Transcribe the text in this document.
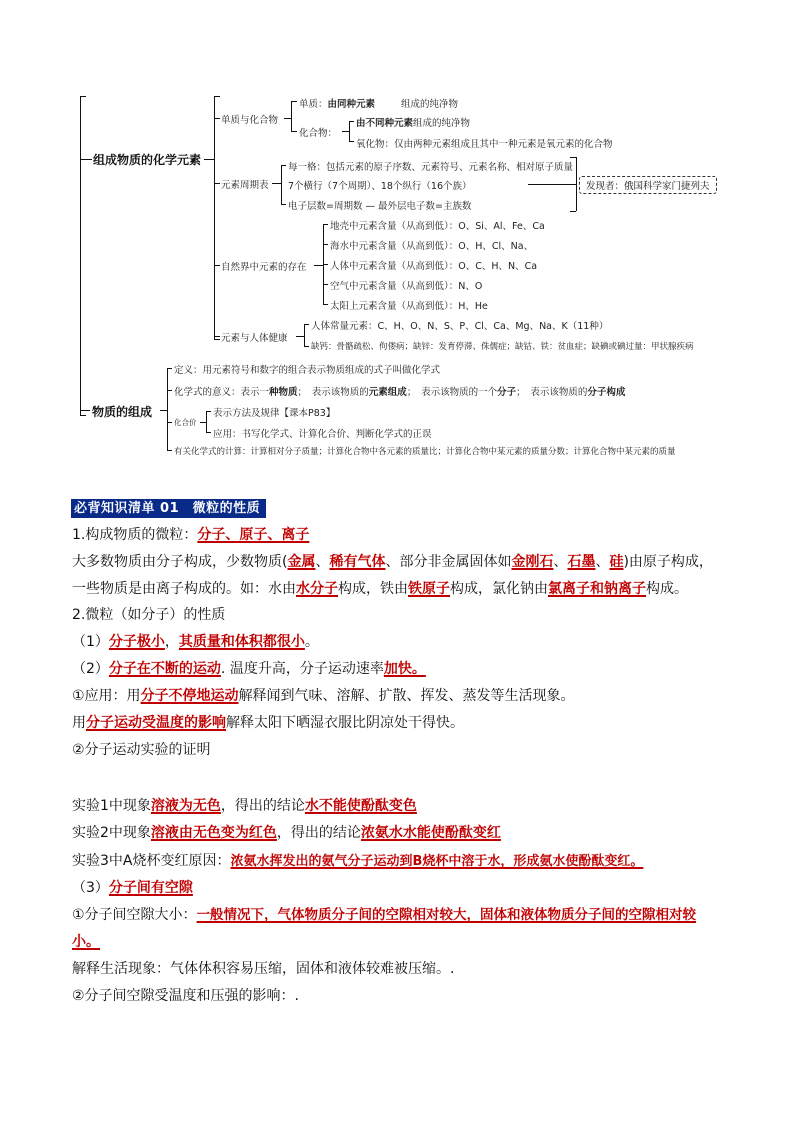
组成物质的化学元素
单质与化合物
单质：由同种元素	组成的纯净物
化合物：
由不同种元素组成的纯净物
氧化物：仅由两种元素组成且其中一种元素是氧元素的化合物
元素周期表
每一格：包括元素的原子序数、元素符号、元素名称、相对原子质量
7个横行（7个周期）、18个纵行（16个族）
电子层数=周期数 — 最外层电子数=主族数
发现者：俄国科学家门捷列夫
自然界中元素的存在
地壳中元素含量（从高到低）：O、Si、Al、Fe、Ca
海水中元素含量（从高到低）：O、H、Cl、Na、
人体中元素含量（从高到低）：O、C、H、N、Ca
空气中元素含量（从高到低）：N、O
太阳上元素含量（从高到低）：H、He
元素与人体健康
人体常量元素：C、H、O、N、S、P、Cl、Ca、Mg、Na、K（11种）
缺钙：骨骼疏松、佝偻病；缺锌：发育停滞、侏儒症；缺钴、铁：贫血症；缺碘或碘过量：甲状腺疾病
物质的组成
定义：用元素符号和数字的组合表示物质组成的式子叫做化学式
化学式的意义：表示一种物质；　表示该物质的元素组成；　表示该物质的一个分子；　表示该物质的分子构成
化合价
表示方法及规律【课本P83】
应用：书写化学式、计算化合价、判断化学式的正误
有关化学式的计算：计算相对分子质量；计算化合物中各元素的质量比；计算化合物中某元素的质量分数；计算化合物中某元素的质量
必背知识清单 01　微粒的性质
1.构成物质的微粒：分子、原子、离子
大多数物质由分子构成，少数物质(金属、稀有气体、部分非金属固体如金刚石、石墨、硅)由原子构成，
一些物质是由离子构成的。如：水由水分子构成，铁由铁原子构成，氯化钠由氯离子和钠离子构成。
2.微粒（如分子）的性质
（1）分子极小，其质量和体积都很小。
（2）分子在不断的运动. 温度升高，分子运动速率加快。
①应用：用分子不停地运动解释闻到气味、溶解、扩散、挥发、蒸发等生活现象。
用分子运动受温度的影响解释太阳下晒湿衣服比阴凉处干得快。
②分子运动实验的证明
实验1中现象溶液为无色，得出的结论水不能使酚酞变色
实验2中现象溶液由无色变为红色，得出的结论浓氨水水能使酚酞变红
实验3中A烧杯变红原因：浓氨水挥发出的氨气分子运动到B烧杯中溶于水，形成氨水使酚酞变红。
（3）分子间有空隙
①分子间空隙大小：一般情况下，气体物质分子间的空隙相对较大，固体和液体物质分子间的空隙相对较
小。
解释生活现象：气体体积容易压缩，固体和液体较难被压缩。.
②分子间空隙受温度和压强的影响：.
